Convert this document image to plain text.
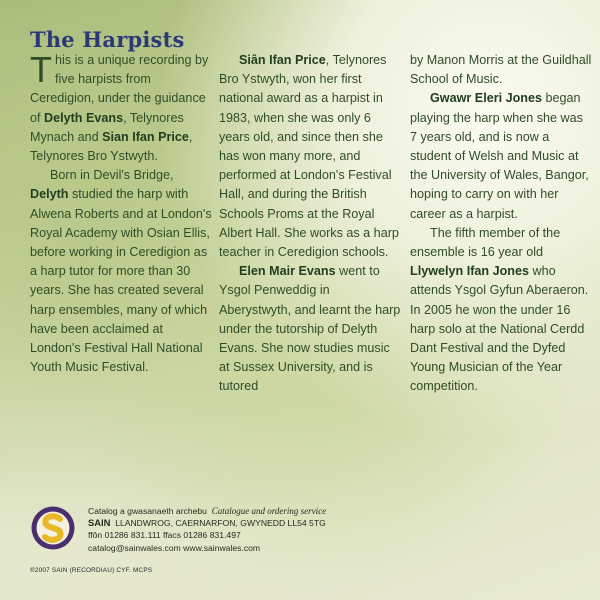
The Harpists

This is a unique recording by five harpists from Ceredigion, under the guidance of Delyth Evans, Telynores Mynach and Sian Ifan Price, Telynores Bro Ystwyth.

Born in Devil's Bridge, Delyth studied the harp with Alwena Roberts and at London's Royal Academy with Osian Ellis, before working in Ceredigion as a harp tutor for more than 30 years. She has created several harp ensembles, many of which have been acclaimed at London's Festival Hall National Youth Music Festival.

Siân Ifan Price, Telynores Bro Ystwyth, won her first national award as a harpist in 1983, when she was only 6 years old, and since then she has won many more, and performed at London's Festival Hall, and during the British Schools Proms at the Royal Albert Hall. She works as a harp teacher in Ceredigion schools.

Elen Mair Evans went to Ysgol Penweddig in Aberystwyth, and learnt the harp under the tutorship of Delyth Evans. She now studies music at Sussex University, and is tutored

by Manon Morris at the Guildhall School of Music.

Gwawr Eleri Jones began playing the harp when she was 7 years old, and is now a student of Welsh and Music at the University of Wales, Bangor, hoping to carry on with her career as a harpist.

The fifth member of the ensemble is 16 year old Llywelyn Ifan Jones who attends Ysgol Gyfun Aberaeron. In 2005 he won the under 16 harp solo at the National Cerdd Dant Festival and the Dyfed Young Musician of the Year competition.

Catalog a gwasanaeth archebu Catalogue and ordering service
SAIN LLANDWROG, CAERNARFON, GWYNEDD LL54 5TG
ffôn 01286 831.111 ffacs 01286 831.497
catalog@sainwales.com www.sainwales.com
®2007 SAIN (RECORDIAU) CYF. MCPS
